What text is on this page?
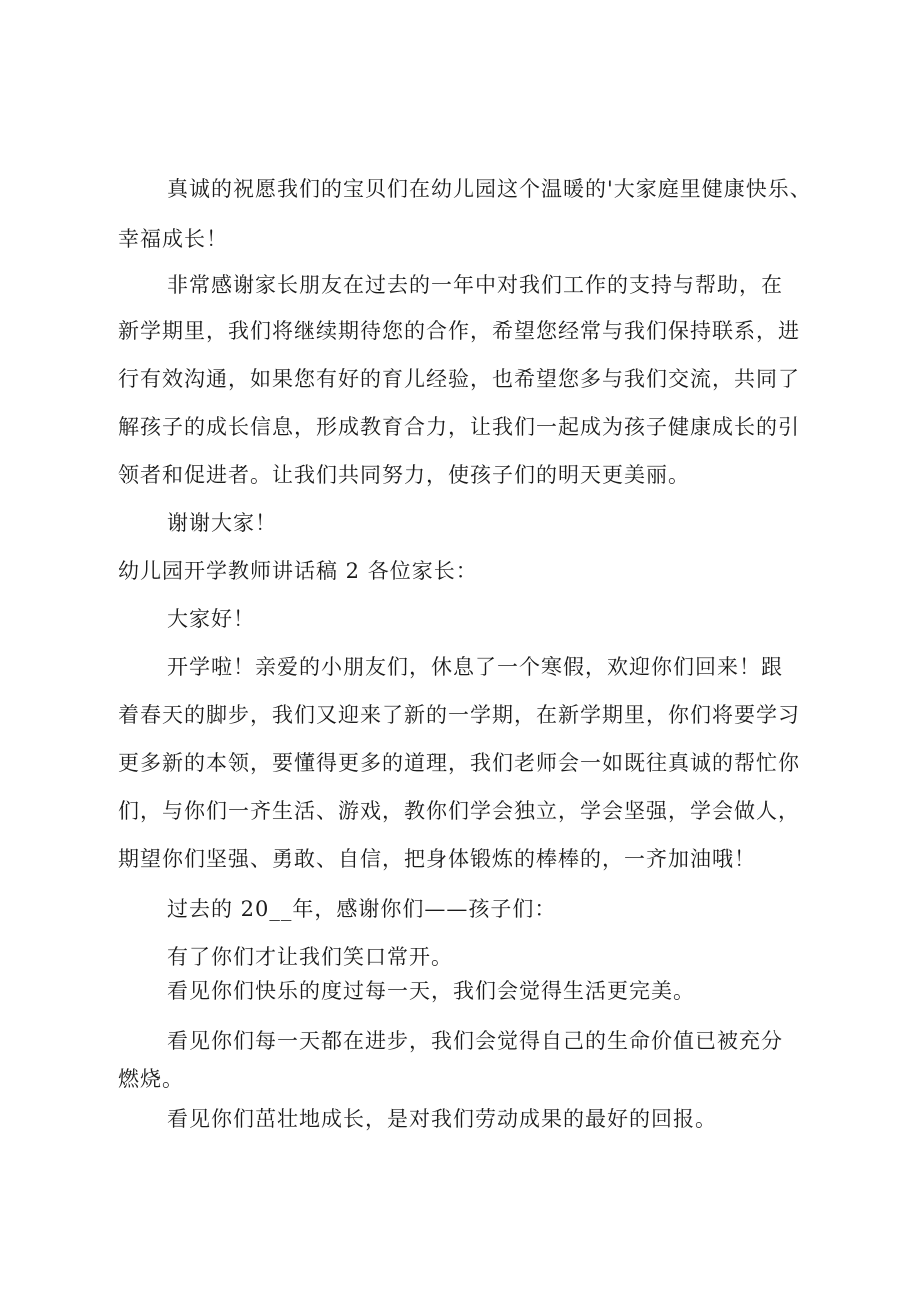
真诚的祝愿我们的宝贝们在幼儿园这个温暖的'大家庭里健康快乐、

幸福成长！

非常感谢家长朋友在过去的一年中对我们工作的支持与帮助，在

新学期里，我们将继续期待您的合作，希望您经常与我们保持联系，进

行有效沟通，如果您有好的育儿经验，也希望您多与我们交流，共同了

解孩子的成长信息，形成教育合力，让我们一起成为孩子健康成长的引

领者和促进者。让我们共同努力，使孩子们的明天更美丽。

谢谢大家！

幼儿园开学教师讲话稿 2 各位家长：

大家好！

开学啦！亲爱的小朋友们，休息了一个寒假，欢迎你们回来！跟

着春天的脚步，我们又迎来了新的一学期，在新学期里，你们将要学习

更多新的本领，要懂得更多的道理，我们老师会一如既往真诚的帮忙你

们，与你们一齐生活、游戏，教你们学会独立，学会坚强，学会做人，

期望你们坚强、勇敢、自信，把身体锻炼的棒棒的，一齐加油哦！

过去的 20__年，感谢你们——孩子们：

有了你们才让我们笑口常开。

看见你们快乐的度过每一天，我们会觉得生活更完美。

看见你们每一天都在进步，我们会觉得自己的生命价值已被充分

燃烧。

看见你们茁壮地成长，是对我们劳动成果的最好的回报。
